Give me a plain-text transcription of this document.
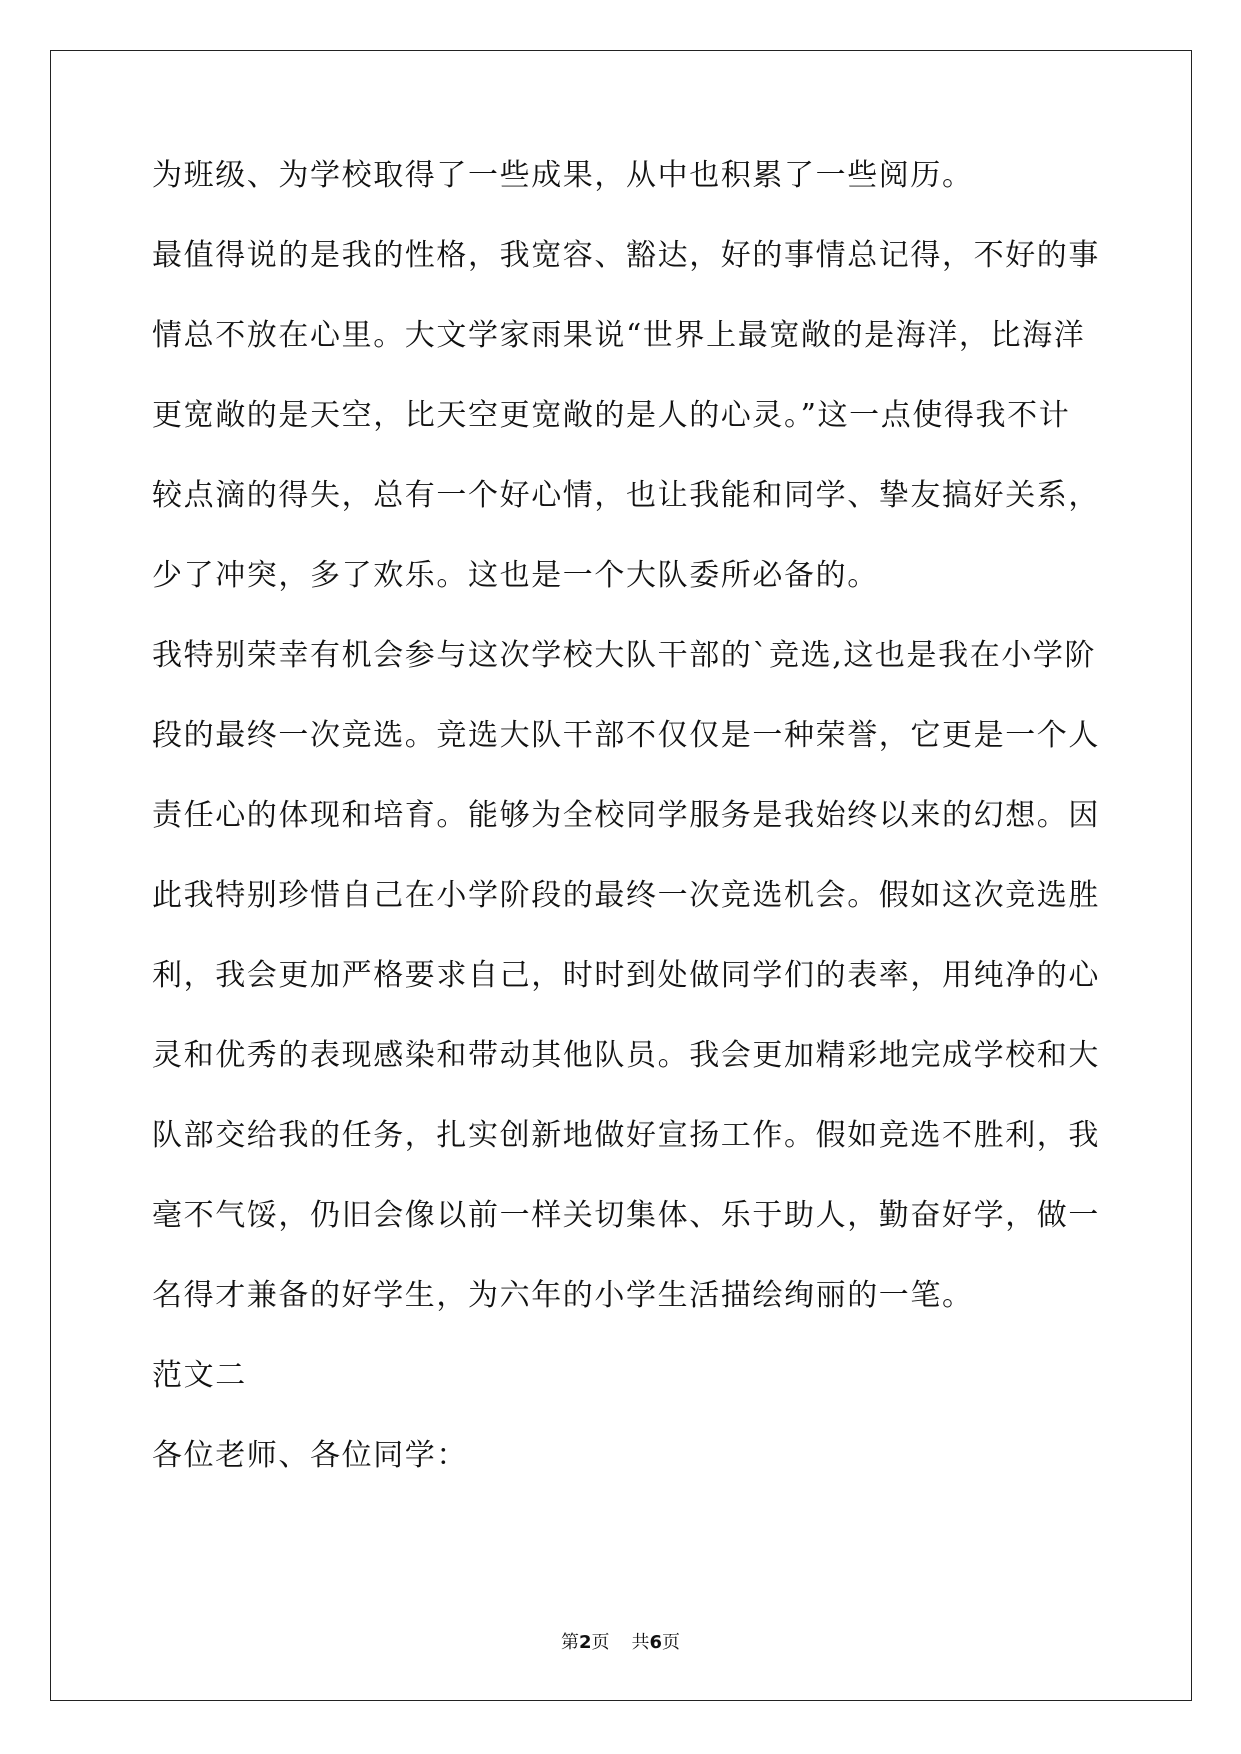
为班级、为学校取得了一些成果，从中也积累了一些阅历。
最值得说的是我的性格，我宽容、豁达，好的事情总记得，不好的事
情总不放在心里。大文学家雨果说“世界上最宽敞的是海洋，比海洋
更宽敞的是天空，比天空更宽敞的是人的心灵。”这一点使得我不计
较点滴的得失，总有一个好心情，也让我能和同学、挚友搞好关系，
少了冲突，多了欢乐。这也是一个大队委所必备的。
我特别荣幸有机会参与这次学校大队干部的`竞选,这也是我在小学阶
段的最终一次竞选。竞选大队干部不仅仅是一种荣誉，它更是一个人
责任心的体现和培育。能够为全校同学服务是我始终以来的幻想。因
此我特别珍惜自己在小学阶段的最终一次竞选机会。假如这次竞选胜
利，我会更加严格要求自己，时时到处做同学们的表率，用纯净的心
灵和优秀的表现感染和带动其他队员。我会更加精彩地完成学校和大
队部交给我的任务，扎实创新地做好宣扬工作。假如竞选不胜利，我
毫不气馁，仍旧会像以前一样关切集体、乐于助人，勤奋好学，做一
名得才兼备的好学生，为六年的小学生活描绘绚丽的一笔。
范文二
各位老师、各位同学：
第2页 共6页
